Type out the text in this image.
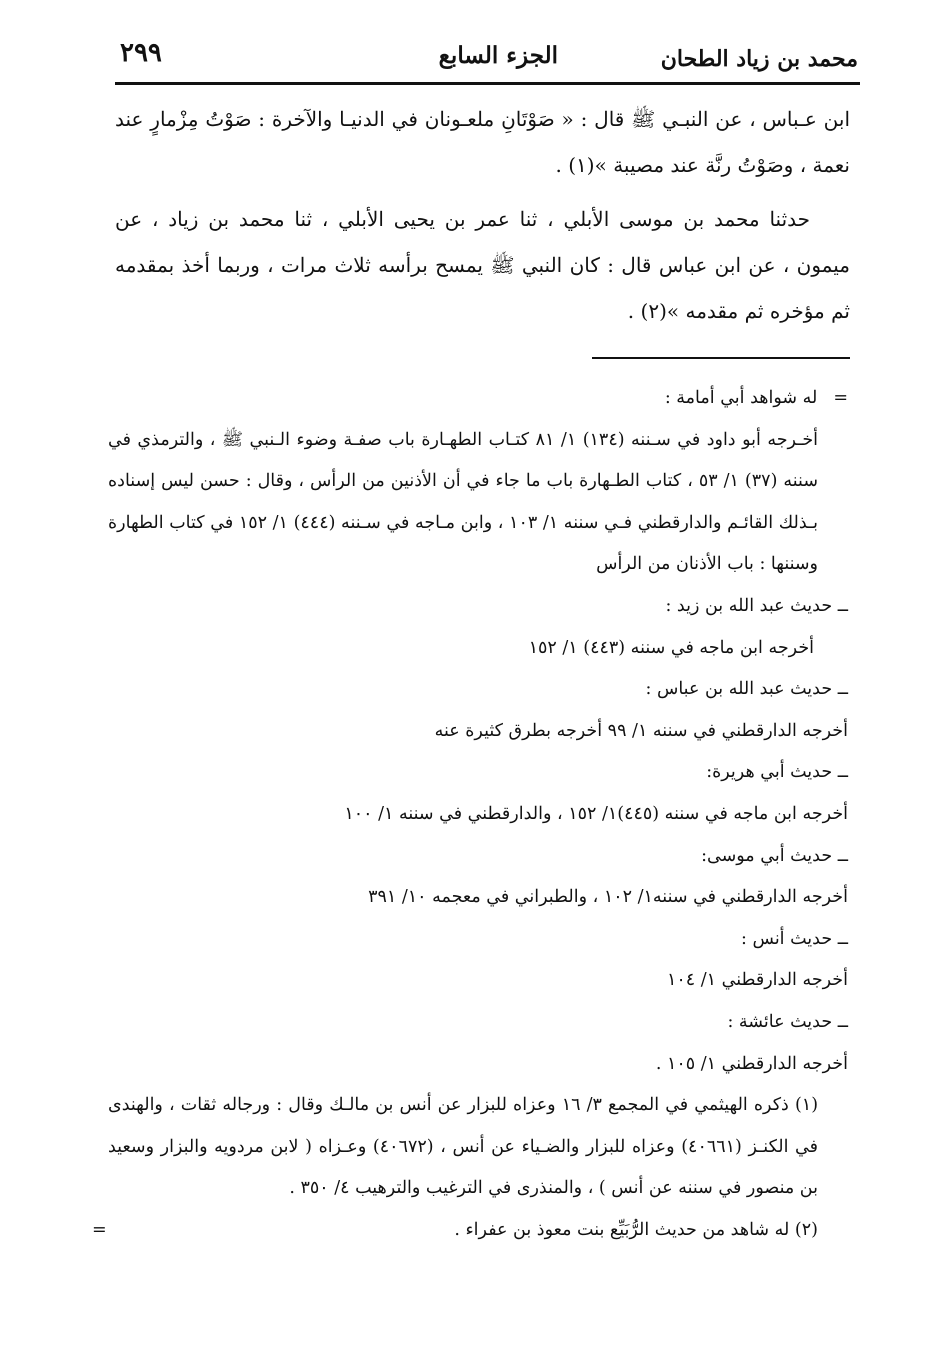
محمد بن زياد الطحان
الجزء السابع
٢٩٩

ابن عـباس ، عن النبـي ﷺ قال : « صَوْتَانِ ملعـونان في الدنيـا والآخرة : صَوْتُ مِزْمارٍ عند نعمة ، وصَوْتُ رنَّة عند مصيبة »(١) .

حدثنا محمد بن موسى الأبلي ، ثنا عمر بن يحيى الأبلي ، ثنا محمد بن زياد ، عن ميمون ، عن ابن عباس قال : كان النبي ﷺ يمسح برأسه ثلاث مرات ، وربما أخذ بمقدمه ثم مؤخره ثم مقدمه »(٢) .

=له شواهد أبي أمامة :

أخـرجه أبو داود في سـننه (١٣٤) ١/ ٨١ كتـاب الطهـارة باب صفـة وضوء الـنبي ﷺ ، والترمذي في سننه (٣٧) ١/ ٥٣ ، كتاب الطـهارة باب ما جاء في أن الأذنين من الرأس ، وقال : حسن ليس إسناده بـذلك القائـم والدارقطني فـي سننه ١/ ١٠٣ ، وابن مـاجه في سـننه (٤٤٤) ١/ ١٥٢ في كتاب الطهارة وسننها : باب الأذنان من الرأس

ــ حديث عبد الله بن زيد :

أخرجه ابن ماجه في سننه (٤٤٣) ١/ ١٥٢

ــ حديث عبد الله بن عباس :

أخرجه الدارقطني في سننه ١/ ٩٩ أخرجه بطرق كثيرة عنه

ــ حديث أبي هريرة:

أخرجه ابن ماجه في سننه (٤٤٥)١/ ١٥٢ ، والدارقطني في سننه ١/ ١٠٠

ــ حديث أبي موسى:

أخرجه الدارقطني في سننه١/ ١٠٢ ، والطبراني في معجمه ١٠/ ٣٩١

ــ حديث أنس :

أخرجه الدارقطني ١/ ١٠٤

ــ حديث عائشة :

أخرجه الدارقطني ١/ ١٠٥ .

(١) ذكره الهيثمي في المجمع ٣/ ١٦ وعزاه للبزار عن أنس بن مالـك وقال : ورجاله ثقات ، والهندى في الكنـز (٤٠٦٦١) وعزاه للبزار والضـياء عن أنس ، (٤٠٦٧٢) وعـزاه ( لابن مردويه والبزار وسعيد بن منصور في سننه عن أنس ) ، والمنذرى في الترغيب والترهيب ٤/ ٣٥٠ .

(٢) له شاهد من حديث الرُّبَيِّع بنت معوذ بن عفراء .
=
